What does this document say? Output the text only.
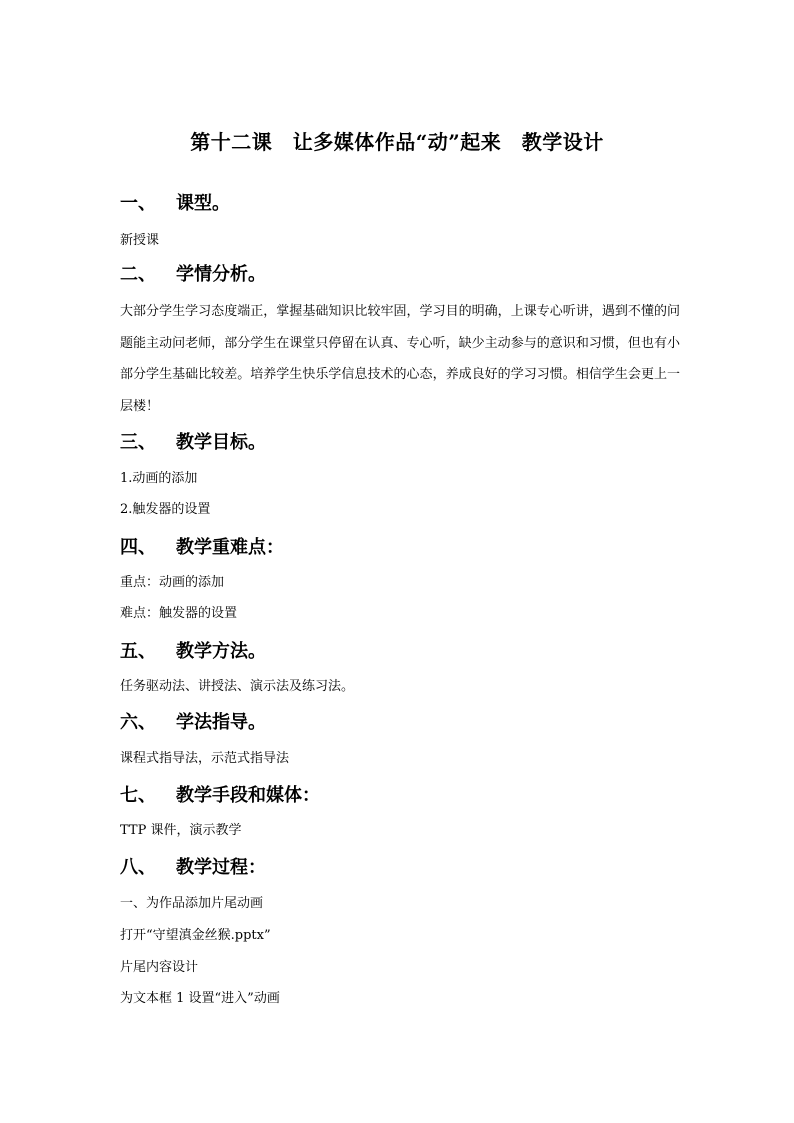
第十二课　让多媒体作品“动”起来　教学设计
一、 课型。
新授课
二、 学情分析。
大部分学生学习态度端正，掌握基础知识比较牢固，学习目的明确，上课专心听讲，遇到不懂的问题能主动问老师，部分学生在课堂只停留在认真、专心听，缺少主动参与的意识和习惯，但也有小部分学生基础比较差。培养学生快乐学信息技术的心态，养成良好的学习习惯。相信学生会更上一层楼！
三、 教学目标。
1.动画的添加
2.触发器的设置
四、 教学重难点：
重点：动画的添加
难点：触发器的设置
五、 教学方法。
任务驱动法、讲授法、演示法及练习法。
六、 学法指导。
课程式指导法，示范式指导法
七、 教学手段和媒体：
TTP 课件，演示教学
八、 教学过程：
一、为作品添加片尾动画
打开“守望滇金丝猴.pptx”
片尾内容设计
为文本框 1 设置“进入”动画
